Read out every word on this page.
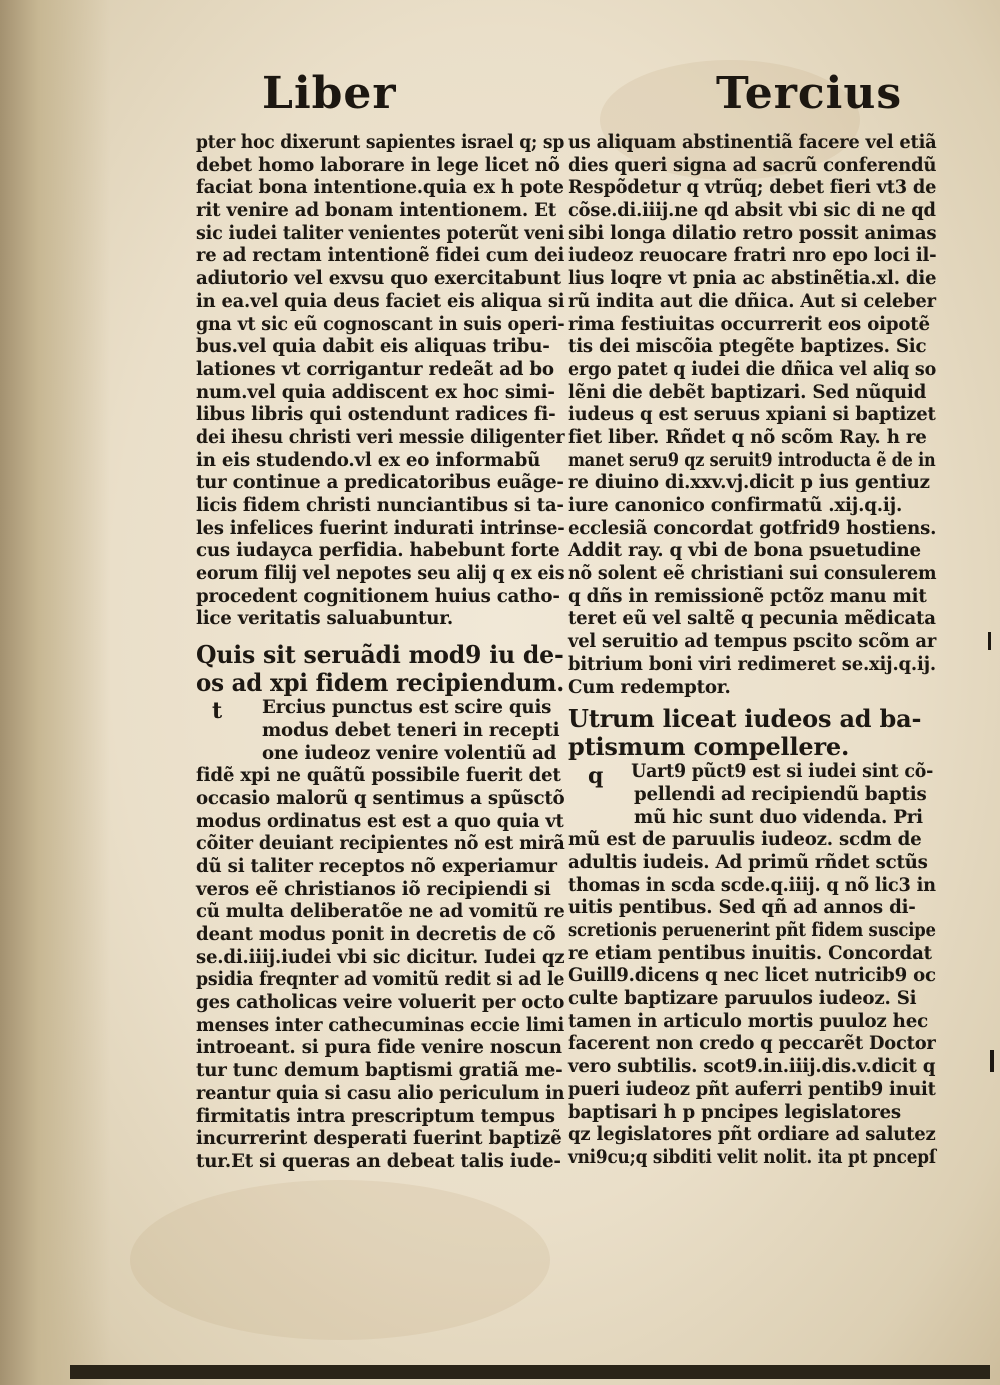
Liber	Tercius
pter hoc dixerunt sapientes israel q; sp
debet homo laborare in lege licet nõ
faciat bona intentione.quia ex h pote
rit venire ad bonam intentionem. Et
sic iudei taliter venientes poterũt veni
re ad rectam intentionẽ fidei cum dei
adiutorio vel exvsu quo exercitabunt
in ea.vel quia deus faciet eis aliqua si
gna vt sic eũ cognoscant in suis operi-
bus.vel quia dabit eis aliquas tribu-
lationes vt corrigantur redeãt ad bo
num.vel quia addiscent ex hoc simi-
libus libris qui ostendunt radices fi-
dei ihesu christi veri messie diligenter
in eis studendo.vl ex eo informabũ
tur continue a predicatoribus euãge-
licis fidem christi nunciantibus si ta-
les infelices fuerint indurati intrinse-
cus iudayca perfidia. habebunt forte
eorum filij vel nepotes seu alij q ex eis
procedent cognitionem huius catho-
lice veritatis saluabuntur.
Quis sit seruãdi mod9 iu de-
os ad xpi fidem recipiendum.
Ercius punctus est scire quis
modus debet teneri in recepti
one iudeoz venire volentiũ ad
fidẽ xpi ne quãtũ possibile fuerit det
occasio malorũ q sentimus a spũsctõ
modus ordinatus est est a quo quia vt
cõiter deuiant recipientes nõ est mirã
dũ si taliter receptos nõ experiamur
veros eẽ christianos iõ recipiendi si
cũ multa deliberatõe ne ad vomitũ re
deant modus ponit in decretis de cõ
se.di.iiij.iudei vbi sic dicitur. Iudei qz
psidia freqnter ad vomitũ redit si ad le
ges catholicas veire voluerit per octo
menses inter cathecuminas eccie limi
introeant. si pura fide venire noscun
tur tunc demum baptismi gratiã me-
reantur quia si casu alio periculum in
firmitatis intra prescriptum tempus
incurrerint desperati fuerint baptizẽ
tur.Et si queras an debeat talis iude-
t
us aliquam abstinentiã facere vel etiã
dies queri signa ad sacrũ conferendũ
Respõdetur q vtrũq; debet fieri vt3 de
cõse.di.iiij.ne qd absit vbi sic di ne qd
sibi longa dilatio retro possit animas
iudeoz reuocare fratri nro epo loci il-
lius loqre vt pnia ac abstinẽtia.xl. die
rũ indita aut die dñica. Aut si celeber
rima festiuitas occurrerit eos oipotẽ
tis dei miscõia ptegẽte baptizes. Sic
ergo patet q iudei die dñica vel aliq so
lẽni die debẽt baptizari. Sed nũquid
iudeus q est seruus xpiani si baptizet
fiet liber. Rñdet q nõ scõm Ray. h re
manet seru9 qz seruit9 introducta ẽ de in
re diuino di.xxv.vj.dicit p ius gentiuz
iure canonico confirmatũ .xij.q.ij.
ecclesiã concordat gotfrid9 hostiens.
Addit ray. q vbi de bona psuetudine
nõ solent eẽ christiani sui consulerem
q dñs in remissionẽ pctõz manu mit
teret eũ vel saltẽ q pecunia mẽdicata
vel seruitio ad tempus pscito scõm ar
bitrium boni viri redimeret se.xij.q.ij.
Cum redemptor.
Utrum liceat iudeos ad ba-
ptismum compellere.
Uart9 pũct9 est si iudei sint cõ-
pellendi ad recipiendũ baptis
mũ hic sunt duo videnda. Pri
mũ est de paruulis iudeoz. scdm de
adultis iudeis. Ad primũ rñdet sctũs
thomas in scda scde.q.iiij. q nõ lic3 in
uitis pentibus. Sed qñ ad annos di-
scretionis peruenerint pñt fidem suscipe
re etiam pentibus inuitis. Concordat
Guill9.dicens q nec licet nutricib9 oc
culte baptizare paruulos iudeoz. Si
tamen in articulo mortis puuloz hec
facerent non credo q peccarẽt Doctor
vero subtilis. scot9.in.iiij.dis.v.dicit q
pueri iudeoz pñt auferri pentib9 inuit
baptisari h p pncipes legislatores
qz legislatores pñt ordiare ad salutez
vni9cu;q sibditi velit nolit. ita pt pncepſ
q
